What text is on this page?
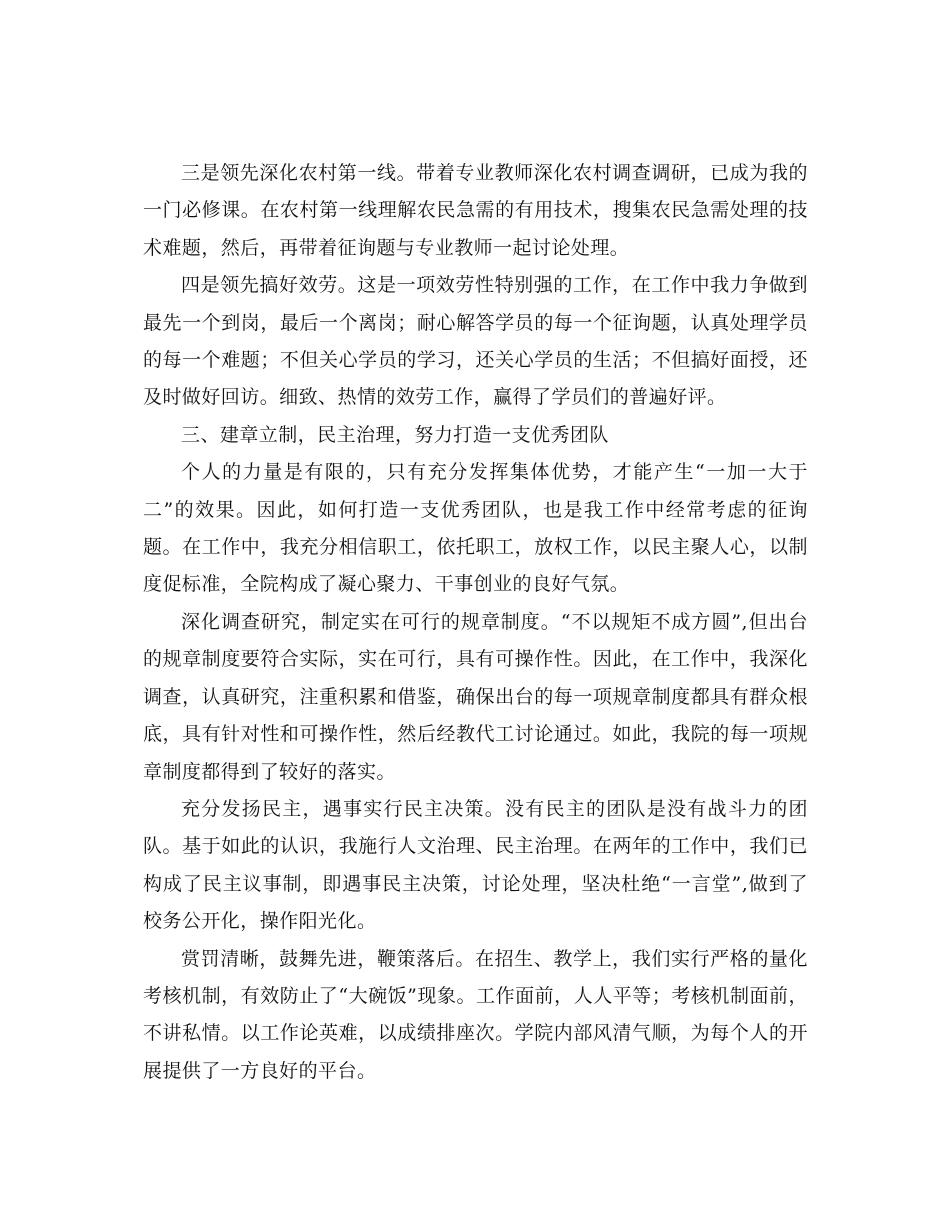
三是领先深化农村第一线。带着专业教师深化农村调查调研，已成为我的一门必修课。在农村第一线理解农民急需的有用技术，搜集农民急需处理的技术难题，然后，再带着征询题与专业教师一起讨论处理。

四是领先搞好效劳。这是一项效劳性特别强的工作，在工作中我力争做到最先一个到岗，最后一个离岗；耐心解答学员的每一个征询题，认真处理学员的每一个难题；不但关心学员的学习，还关心学员的生活；不但搞好面授，还及时做好回访。细致、热情的效劳工作，赢得了学员们的普遍好评。

三、建章立制，民主治理，努力打造一支优秀团队

个人的力量是有限的，只有充分发挥集体优势，才能产生“一加一大于二”的效果。因此，如何打造一支优秀团队，也是我工作中经常考虑的征询题。在工作中，我充分相信职工，依托职工，放权工作，以民主聚人心，以制度促标准，全院构成了凝心聚力、干事创业的良好气氛。

深化调查研究，制定实在可行的规章制度。“不以规矩不成方圆”,但出台的规章制度要符合实际，实在可行，具有可操作性。因此，在工作中，我深化调查，认真研究，注重积累和借鉴，确保出台的每一项规章制度都具有群众根底，具有针对性和可操作性，然后经教代工讨论通过。如此，我院的每一项规章制度都得到了较好的落实。

充分发扬民主，遇事实行民主决策。没有民主的团队是没有战斗力的团队。基于如此的认识，我施行人文治理、民主治理。在两年的工作中，我们已构成了民主议事制，即遇事民主决策，讨论处理，坚决杜绝“一言堂”,做到了校务公开化，操作阳光化。

赏罚清晰，鼓舞先进，鞭策落后。在招生、教学上，我们实行严格的量化考核机制，有效防止了“大碗饭”现象。工作面前，人人平等；考核机制面前，不讲私情。以工作论英难，以成绩排座次。学院内部风清气顺，为每个人的开展提供了一方良好的平台。
